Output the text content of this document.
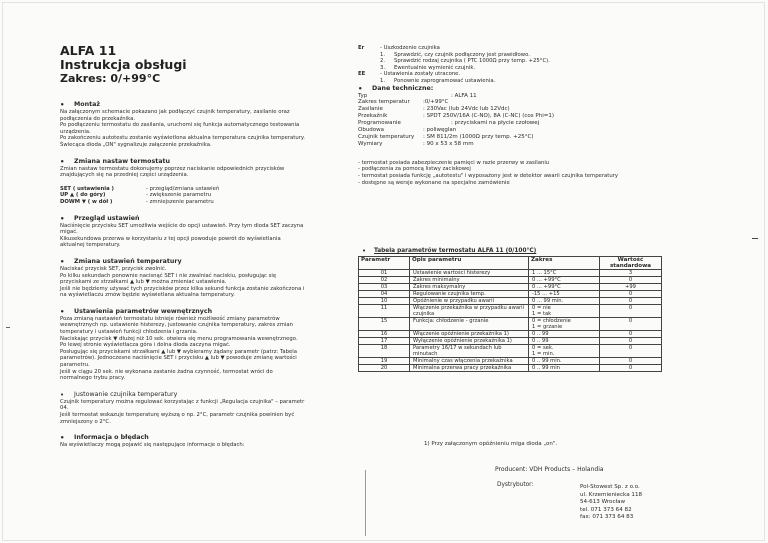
ALFA 11
Instrukcja obsługi
Zakres: 0/+99°C
• Montaż

Na załączonym schemacie pokazano jak podłączyć czujnik temperatury, zasilanie oraz

podłączenia do przekaźnika.

Po podłączeniu termostatu do zasilania, uruchomi się funkcja automatycznego testowania

urządzenia.

Po zakończeniu autotestu zostanie wyświetlona aktualna temperatura czujnika temperatury.

Świecąca dioda „ON" sygnalizuje załączenie przekaźnika.

• Zmiana nastaw termostatu

Zmian nastaw termostatu dokonujemy poprzez naciskanie odpowiednich przycisków

znajdujących się na przedniej części urządzenia.

SET ( ustawienia )	- przegląd/zmiana ustawień
UP ▲ ( do góry)	- zwiększenie parametru
DOWM ▼ ( w dół )	- zmniejszenie parametru
• Przegląd ustawień

Naciśnięcie przycisku SET umożliwia wejście do opcji ustawień. Przy tym dioda SET zaczyna

migać.

Kikusekundowa przerwa w korzystaniu z tej opcji powoduje powrót do wyświetlania

aktualnej temperatury.

• Zmiana ustawień temperatury

Naciskać przycisk SET, przycisk zwolnić.

Po kilku sekundach ponownie nacisnąć SET i nie zwalniać naciskiu, posługując się

przyciskami ze strzałkami ▲ lub ▼ można zmieniać ustawienia.

Jeśli nie będziemy używać tych przycisków przez kilka sekund funkcja zostanie zakończona i

na wyświetlaczu zmów będzie wyświetlana aktualna temperatury.

• Ustawienia parametrów wewnętrznych

Poza zmianą nastawień termostatu istnieje również możliwość zmiany parametrów

wewnętrznych np. ustawienie histerezy, justowanie czujnika temperatury, zakres zmian

temperatury i ustawień funkcji chłodzenia i grzania.

Naciskając przycisk ▼ dłużej niż 10 sek. otwiera się menu programowania wewnętrznego.

Po lewej stronie wyświetlacza góra i dolna dioda zaczyna migać.

Posługując się przyciskami strzałkami ▲ lub ▼ wybieramy żądany parametr (patrz: Tabela

parametrów). Jednoczesne naciśnięcie SET i przycisku ▲ lub ▼ powoduje zmianę wartości

parametru.

Jeśli w ciągu 20 sek. nie wykonana zastanie żadna czynność, termostat wróci do

normalnego trybu pracy.

• Justowanie czujnika temperatury

Czujnik temperatury można regulować korzystając z funkcji „Regulacja czujnika" – parametr

04.

Jeśli termostat wskazuje temperaturę wyższą o np. 2°C, parametr czujnika powinien być

zmniejszony o 2°C.

• Informacja o błędach

Na wyświetlaczy mogą pojawić się następujące informacje o błędach:

Er	- Uszkodzenie czujnika
1.	Sprawdzić, czy czujnik podłączony jest prawidłowo.
2.	Sprawdzić rodzaj czujnika ( PTC 1000Ω przy temp. +25°C).
3.	Ewentualnie wymienić czujnik.
EE	- Ustawienia zostały utracone.
1.	Ponownie zaprogramować ustawienia.
• Dane techniczne:
Typ	: ALFA 11
Zakres temperatur	:0/+99°C
Zasilanie	: 230Vac (lub 24Vdc lub 12Vdc)
Przekaźnik	: SPDT 250V/16A (C-NO), 8A (C-NC) (cos Phi=1)
Programowanie	: przyciskami na płycie czołowej
Obudowa	: poliwęglan
Czujnik temperatury	: SM 811/2m (1000Ω przy temp. +25°C)
Wymiary	: 90 x 53 x 58 mm
- termostat posiada zabezpieczenie pamięci w razie przerwy w zasilaniu
- podłączenia za pomocą listwy zaciskowej
- termostat posiada funkcję „autotestu" i wyposażony jest w detektor awarii czujnika temperatury
- dostępne są wersje wykonane na specjalne zamówienie
• Tabela parametrów termostatu ALFA 11 (0/100°C)
Parametr	Opis parametru	Zakres	Wartość standardowa
01	Ustawienie wartości histerezy	1 ... 15°C	3
02	Zakres minimalny	0 ... +99°C	0
03	Zakres maksymalny	0 ... +99°C	+99
04	Regulowanie czujnika temp.	-15 ... +15	0
10	Opóźnienie w przypadku awarii	0 ... 99 min.	0
11	Włączenie przekaźnika w przypadku awarii czujnika	0 = nie
1 = tak	0
15	Funkcja: chłodzenie - grzanie	0 = chłodzenie
1 = grzanie	0
16	Włączenie opóźnienie przekaźnika 1)	0 .. 99	0
17	Wyłączenie opóźnienie przekaźnika 1)	0 .. 99	0
18	Parametry 16/17 w sekundach lub minutach	0 = sek.
1 = min.	0
19	Minimalny czas włączenia przekaźnika	0 .. 99 min.	0
20	Minimalna przerwa pracy przekaźnika	0 .. 99 min	0
1) Przy załączonym opóźnieniu miga dioda „on".
Producent: VDH Products – Holandia
Dystrybutor:	Pol-Stowest Sp. z o.o.
ul. Krzemieniecka 118
54-613 Wrocław
tel. 071 373 64 82
fax: 071 373 64 83
